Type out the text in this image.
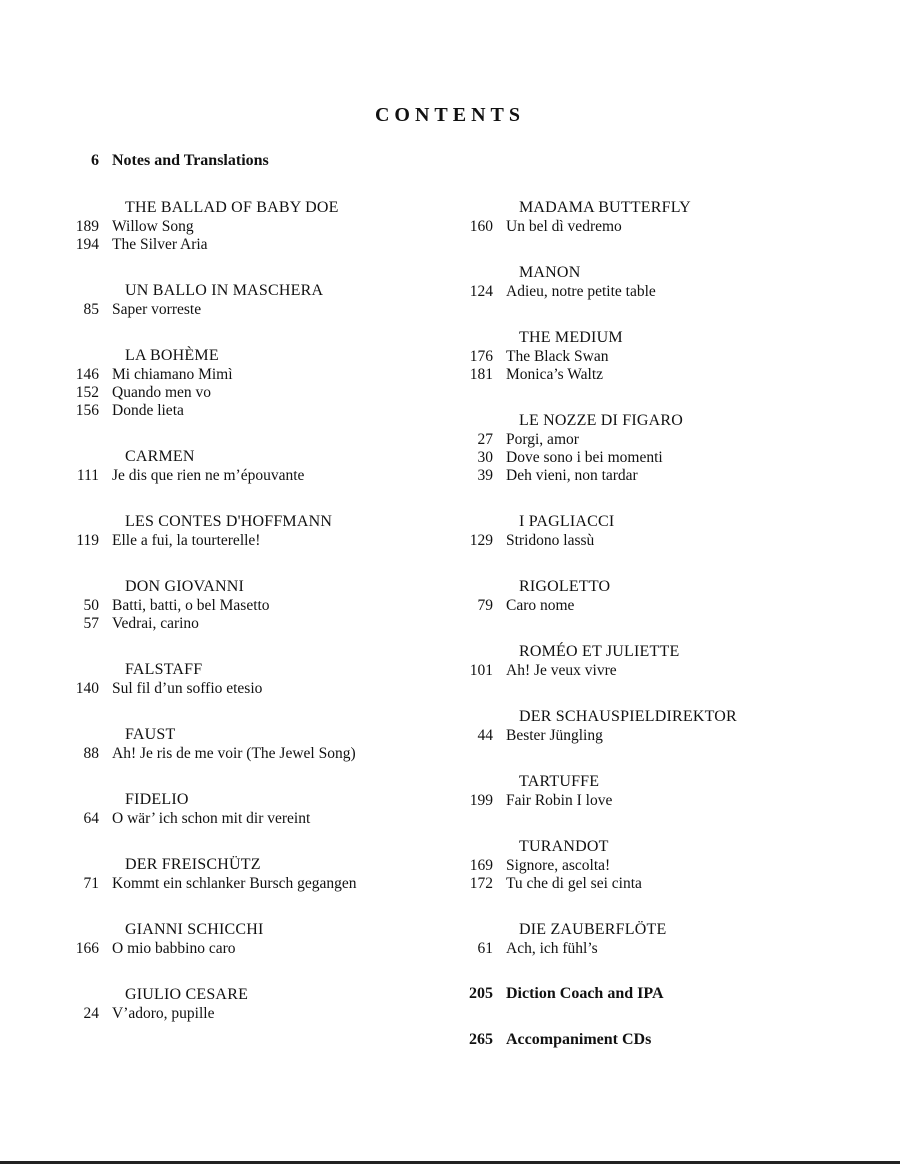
CONTENTS
6 Notes and Translations
THE BALLAD OF BABY DOE
189 Willow Song
194 The Silver Aria
UN BALLO IN MASCHERA
85 Saper vorreste
LA BOHÈME
146 Mi chiamano Mimì
152 Quando men vo
156 Donde lieta
CARMEN
111 Je dis que rien ne m’épouvante
LES CONTES D'HOFFMANN
119 Elle a fui, la tourterelle!
DON GIOVANNI
50 Batti, batti, o bel Masetto
57 Vedrai, carino
FALSTAFF
140 Sul fil d’un soffio etesio
FAUST
88 Ah! Je ris de me voir (The Jewel Song)
FIDELIO
64 O wär’ ich schon mit dir vereint
DER FREISCHÜTZ
71 Kommt ein schlanker Bursch gegangen
GIANNI SCHICCHI
166 O mio babbino caro
GIULIO CESARE
24 V’adoro, pupille
MADAMA BUTTERFLY
160 Un bel dì vedremo
MANON
124 Adieu, notre petite table
THE MEDIUM
176 The Black Swan
181 Monica’s Waltz
LE NOZZE DI FIGARO
27 Porgi, amor
30 Dove sono i bei momenti
39 Deh vieni, non tardar
I PAGLIACCI
129 Stridono lassù
RIGOLETTO
79 Caro nome
ROMÉO ET JULIETTE
101 Ah! Je veux vivre
DER SCHAUSPIELDIREKTOR
44 Bester Jüngling
TARTUFFE
199 Fair Robin I love
TURANDOT
169 Signore, ascolta!
172 Tu che di gel sei cinta
DIE ZAUBERFLÖTE
61 Ach, ich fühl’s
205 Diction Coach and IPA
265 Accompaniment CDs
